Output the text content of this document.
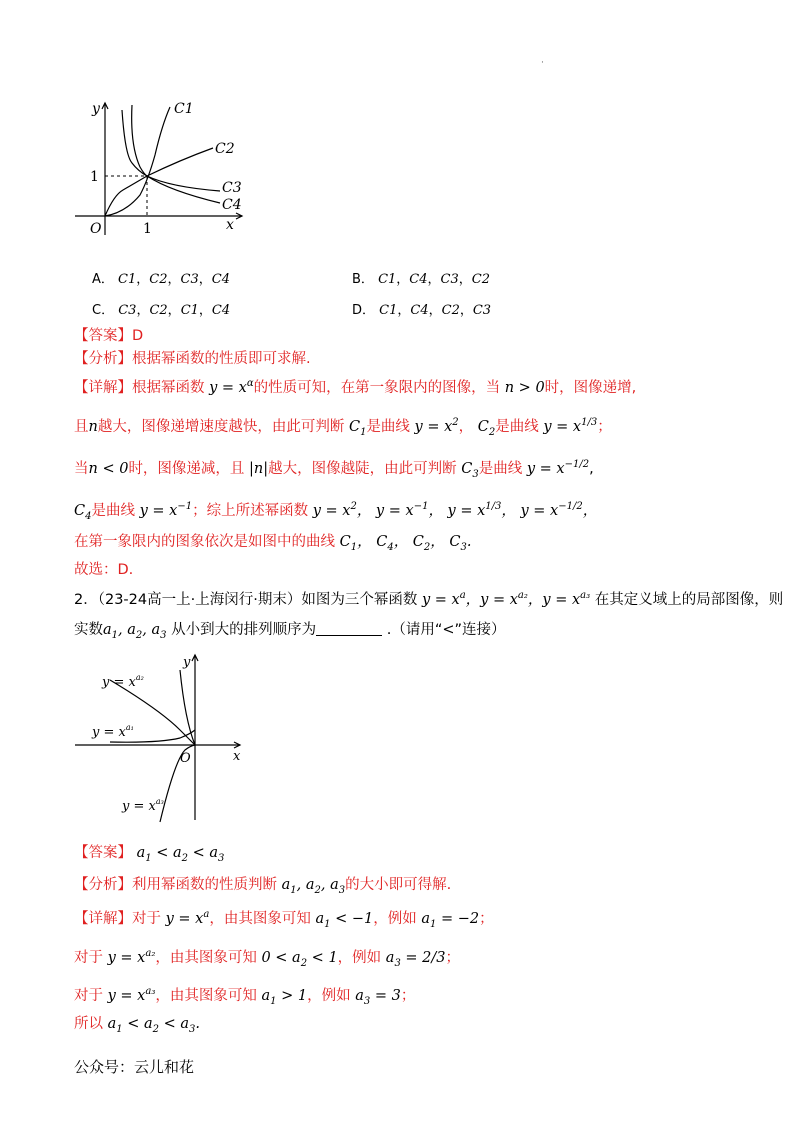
·
y
x
O	1
1
C1
C2
C3
C4
A． C1，C2，C3，C4	B． C1，C4，C3，C2
C． C3，C2，C1，C4	D． C1，C4，C2，C3
【答案】D
【分析】根据幂函数的性质即可求解.
【详解】根据幂函数 $y = x^\alpha$的性质可知，在第一象限内的图像，当 n > 0时，图像递增,
且n越大，图像递增速度越快，由此可判断 $C_1$是曲线 $y = x^2$， $C_2$是曲线 $y = x^{1/3}$；
当n < 0时，图像递减，且 |n|越大，图像越陡，由此可判断 $C_3$是曲线 $y = x^{-1/2}$,
$C_4$是曲线 $y = x^{-1}$；综上所述幂函数 $y = x^2$， $y = x^{-1}$， $y = x^{1/3}$， $y = x^{-1/2}$，
在第一象限内的图象依次是如图中的曲线 $C_1$， $C_4$， $C_2$， $C_3$.
故选：D.
2．（23-24高一上·上海闵行·期末）如图为三个幂函数 $y = x^a$，$y = x^{a_2}$，$y = x^{a_3}$ 在其定义域上的局部图像，则
实数$a_1$, $a_2$, $a_3$ 从小到大的排列顺序为	.（请用“<”连接）
y
x
O
$y = x^{a_2}$
$y = x^{a_1}$
$y = x^{a_3}$
【答案】 $a_1 < a_2 < a_3$
【分析】利用幂函数的性质判断 $a_1$, $a_2$, $a_3$的大小即可得解.
【详解】对于 $y = x^a$，由其图象可知 $a_1 < -1$，例如 $a_1 = -2$；
对于 $y = x^{a_2}$，由其图象可知 $0 < a_2 < 1$，例如 $a_3 = 2/3$；
对于 $y = x^{a_3}$，由其图象可知 $a_1 > 1$，例如 $a_3 = 3$；
所以 $a_1 < a_2 < a_3$.
公众号：云儿和花
